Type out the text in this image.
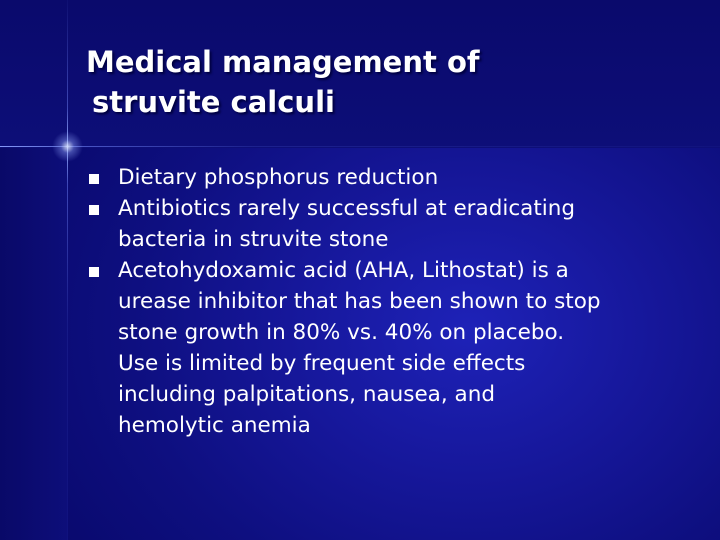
Medical management of
struvite calculi
Dietary phosphorus reduction
Antibiotics rarely successful at eradicating
bacteria in struvite stone
Acetohydoxamic acid (AHA, Lithostat) is a
urease inhibitor that has been shown to stop
stone growth in 80% vs. 40% on placebo.
Use is limited by frequent side effects
including palpitations, nausea, and
hemolytic anemia
